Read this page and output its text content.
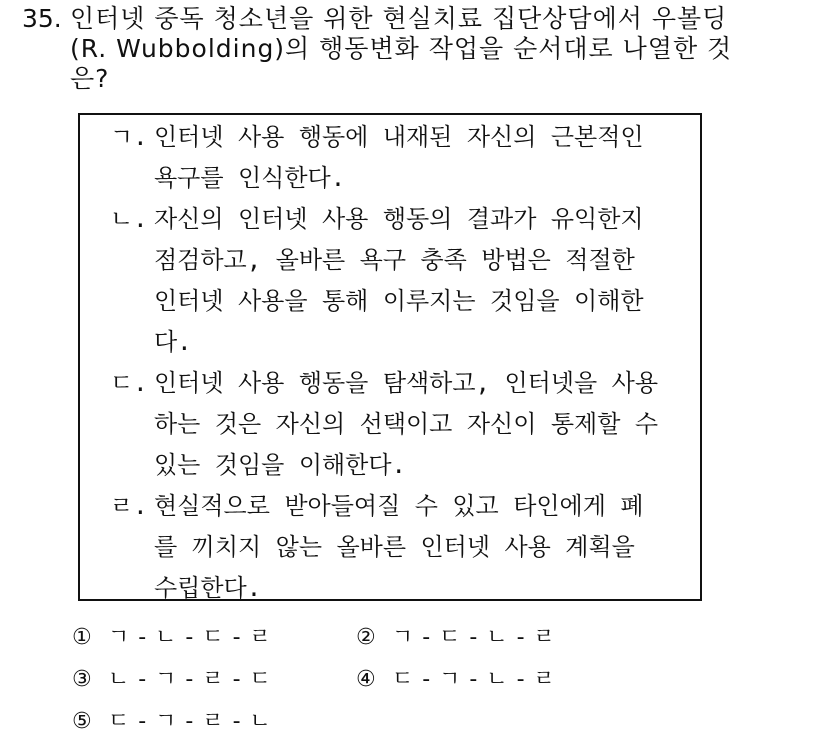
35. 인터넷 중독 청소년을 위한 현실치료 집단상담에서 우볼딩
(R. Wubbolding)의 행동변화 작업을 순서대로 나열한 것
은?
ㄱ. 인터넷 사용 행동에 내재된 자신의 근본적인
욕구를 인식한다.
ㄴ. 자신의 인터넷 사용 행동의 결과가 유익한지
점검하고, 올바른 욕구 충족 방법은 적절한
인터넷 사용을 통해 이루지는 것임을 이해한
다.
ㄷ. 인터넷 사용 행동을 탐색하고, 인터넷을 사용
하는 것은 자신의 선택이고 자신이 통제할 수
있는 것임을 이해한다.
ㄹ. 현실적으로 받아들여질 수 있고 타인에게 폐
를 끼치지 않는 올바른 인터넷 사용 계획을
수립한다.
① ㄱ - ㄴ - ㄷ - ㄹ	② ㄱ - ㄷ - ㄴ - ㄹ
③ ㄴ - ㄱ - ㄹ - ㄷ	④ ㄷ - ㄱ - ㄴ - ㄹ
⑤ ㄷ - ㄱ - ㄹ - ㄴ
